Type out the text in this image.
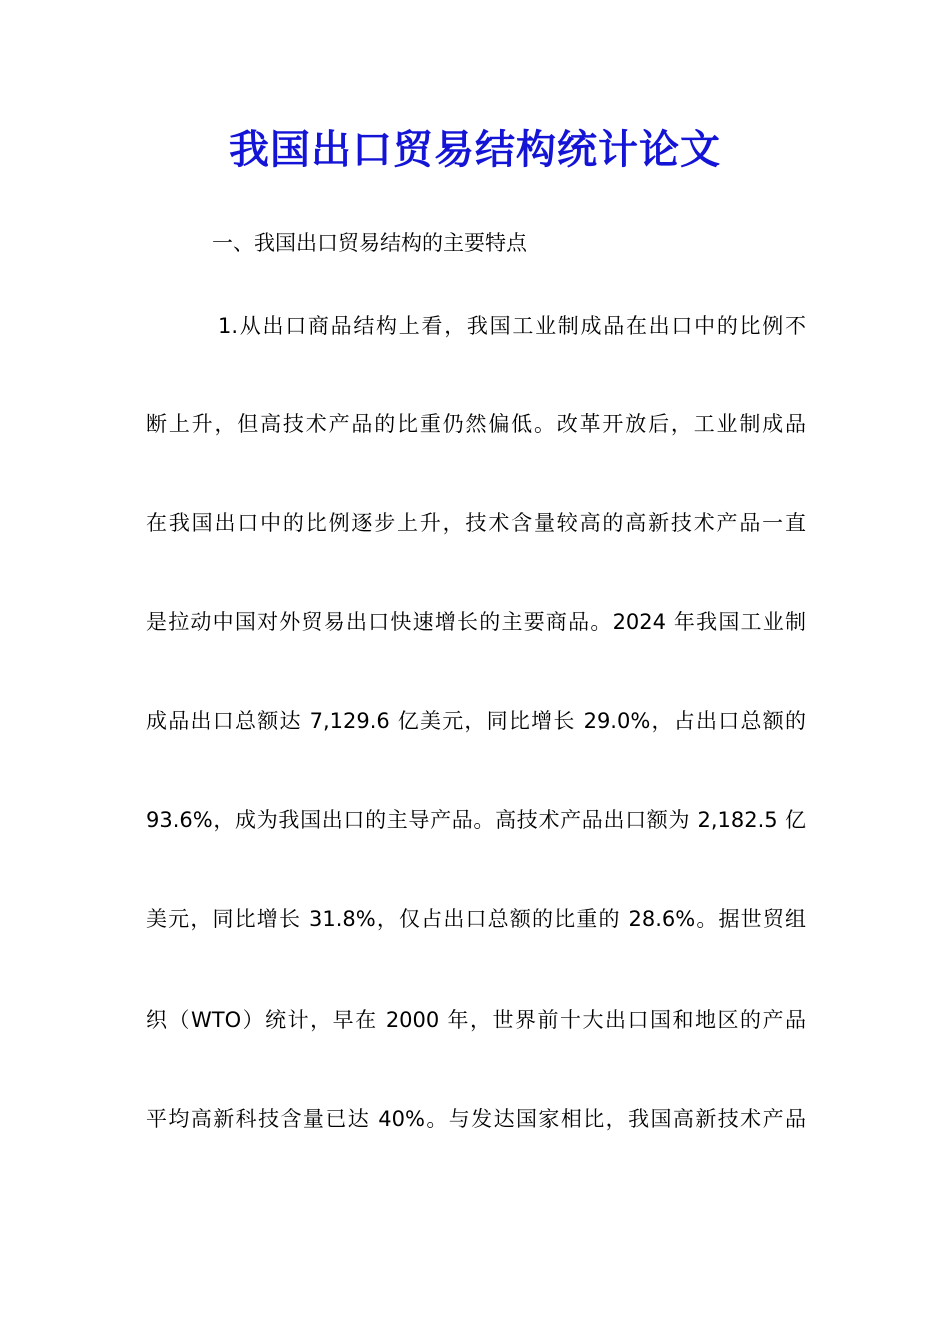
我国出口贸易结构统计论文

一、我国出口贸易结构的主要特点

1.从出口商品结构上看，我国工业制成品在出口中的比例不

断上升，但高技术产品的比重仍然偏低。改革开放后，工业制成品

在我国出口中的比例逐步上升，技术含量较高的高新技术产品一直

是拉动中国对外贸易出口快速增长的主要商品。2024 年我国工业制

成品出口总额达 7,129.6 亿美元，同比增长 29.0%，占出口总额的

93.6%，成为我国出口的主导产品。高技术产品出口额为 2,182.5 亿

美元，同比增长 31.8%，仅占出口总额的比重的 28.6%。据世贸组

织（WTO）统计，早在 2000 年，世界前十大出口国和地区的产品

平均高新科技含量已达 40%。与发达国家相比，我国高新技术产品
